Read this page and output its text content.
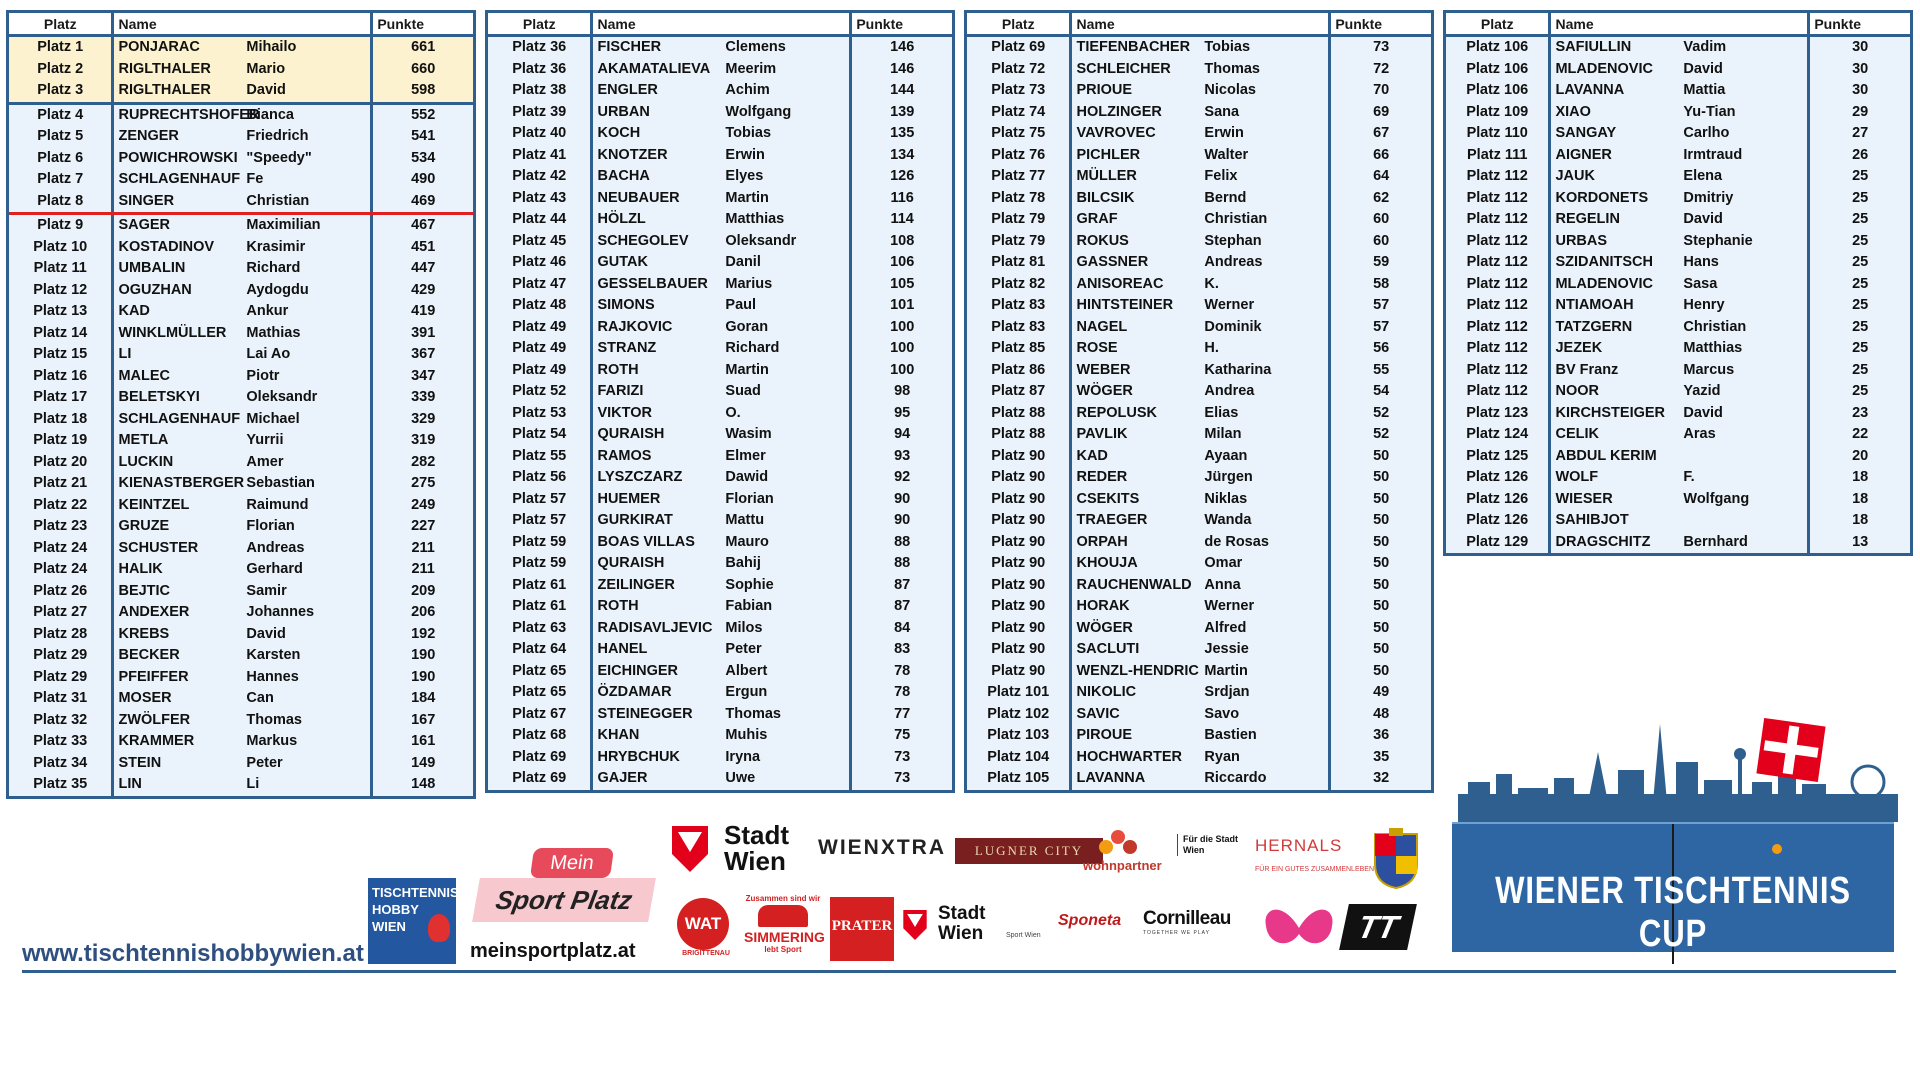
Platz	Name		Punkte
Platz 1	PONJARAC	Mihailo	661
Platz 2	RIGLTHALER	Mario	660
Platz 3	RIGLTHALER	David	598
Platz 4	RUPRECHTSHOFER	Bianca	552
Platz 5	ZENGER	Friedrich	541
Platz 6	POWICHROWSKI	"Speedy"	534
Platz 7	SCHLAGENHAUF	Fe	490
Platz 8	SINGER	Christian	469
Platz 9	SAGER	Maximilian	467
Platz 10	KOSTADINOV	Krasimir	451
Platz 11	UMBALIN	Richard	447
Platz 12	OGUZHAN	Aydogdu	429
Platz 13	KAD	Ankur	419
Platz 14	WINKLMÜLLER	Mathias	391
Platz 15	LI	Lai Ao	367
Platz 16	MALEC	Piotr	347
Platz 17	BELETSKYI	Oleksandr	339
Platz 18	SCHLAGENHAUF	Michael	329
Platz 19	METLA	Yurrii	319
Platz 20	LUCKIN	Amer	282
Platz 21	KIENASTBERGER	Sebastian	275
Platz 22	KEINTZEL	Raimund	249
Platz 23	GRUZE	Florian	227
Platz 24	SCHUSTER	Andreas	211
Platz 24	HALIK	Gerhard	211
Platz 26	BEJTIC	Samir	209
Platz 27	ANDEXER	Johannes	206
Platz 28	KREBS	David	192
Platz 29	BECKER	Karsten	190
Platz 29	PFEIFFER	Hannes	190
Platz 31	MOSER	Can	184
Platz 32	ZWÖLFER	Thomas	167
Platz 33	KRAMMER	Markus	161
Platz 34	STEIN	Peter	149
Platz 35	LIN	Li	148
Platz	Name		Punkte
Platz 36	FISCHER	Clemens	146
Platz 36	AKAMATALIEVA	Meerim	146
Platz 38	ENGLER	Achim	144
Platz 39	URBAN	Wolfgang	139
Platz 40	KOCH	Tobias	135
Platz 41	KNOTZER	Erwin	134
Platz 42	BACHA	Elyes	126
Platz 43	NEUBAUER	Martin	116
Platz 44	HÖLZL	Matthias	114
Platz 45	SCHEGOLEV	Oleksandr	108
Platz 46	GUTAK	Danil	106
Platz 47	GESSELBAUER	Marius	105
Platz 48	SIMONS	Paul	101
Platz 49	RAJKOVIC	Goran	100
Platz 49	STRANZ	Richard	100
Platz 49	ROTH	Martin	100
Platz 52	FARIZI	Suad	98
Platz 53	VIKTOR	O.	95
Platz 54	QURAISH	Wasim	94
Platz 55	RAMOS	Elmer	93
Platz 56	LYSZCZARZ	Dawid	92
Platz 57	HUEMER	Florian	90
Platz 57	GURKIRAT	Mattu	90
Platz 59	BOAS VILLAS	Mauro	88
Platz 59	QURAISH	Bahij	88
Platz 61	ZEILINGER	Sophie	87
Platz 61	ROTH	Fabian	87
Platz 63	RADISAVLJEVIC	Milos	84
Platz 64	HANEL	Peter	83
Platz 65	EICHINGER	Albert	78
Platz 65	ÖZDAMAR	Ergun	78
Platz 67	STEINEGGER	Thomas	77
Platz 68	KHAN	Muhis	75
Platz 69	HRYBCHUK	Iryna	73
Platz 69	GAJER	Uwe	73
Platz	Name		Punkte
Platz 69	TIEFENBACHER	Tobias	73
Platz 72	SCHLEICHER	Thomas	72
Platz 73	PRIOUE	Nicolas	70
Platz 74	HOLZINGER	Sana	69
Platz 75	VAVROVEC	Erwin	67
Platz 76	PICHLER	Walter	66
Platz 77	MÜLLER	Felix	64
Platz 78	BILCSIK	Bernd	62
Platz 79	GRAF	Christian	60
Platz 79	ROKUS	Stephan	60
Platz 81	GASSNER	Andreas	59
Platz 82	ANISOREAC	K.	58
Platz 83	HINTSTEINER	Werner	57
Platz 83	NAGEL	Dominik	57
Platz 85	ROSE	H.	56
Platz 86	WEBER	Katharina	55
Platz 87	WÖGER	Andrea	54
Platz 88	REPOLUSK	Elias	52
Platz 88	PAVLIK	Milan	52
Platz 90	KAD	Ayaan	50
Platz 90	REDER	Jürgen	50
Platz 90	CSEKITS	Niklas	50
Platz 90	TRAEGER	Wanda	50
Platz 90	ORPAH	de Rosas	50
Platz 90	KHOUJA	Omar	50
Platz 90	RAUCHENWALD	Anna	50
Platz 90	HORAK	Werner	50
Platz 90	WÖGER	Alfred	50
Platz 90	SACLUTI	Jessie	50
Platz 90	WENZL-HENDRIC	Martin	50
Platz 101	NIKOLIC	Srdjan	49
Platz 102	SAVIC	Savo	48
Platz 103	PIROUE	Bastien	36
Platz 104	HOCHWARTER	Ryan	35
Platz 105	LAVANNA	Riccardo	32
Platz	Name		Punkte
Platz 106	SAFIULLIN	Vadim	30
Platz 106	MLADENOVIC	David	30
Platz 106	LAVANNA	Mattia	30
Platz 109	XIAO	Yu-Tian	29
Platz 110	SANGAY	Carlho	27
Platz 111	AIGNER	Irmtraud	26
Platz 112	JAUK	Elena	25
Platz 112	KORDONETS	Dmitriy	25
Platz 112	REGELIN	David	25
Platz 112	URBAS	Stephanie	25
Platz 112	SZIDANITSCH	Hans	25
Platz 112	MLADENOVIC	Sasa	25
Platz 112	NTIAMOAH	Henry	25
Platz 112	TATZGERN	Christian	25
Platz 112	JEZEK	Matthias	25
Platz 112	BV Franz	Marcus	25
Platz 112	NOOR	Yazid	25
Platz 123	KIRCHSTEIGER	David	23
Platz 124	CELIK	Aras	22
Platz 125	ABDUL KERIM		20
Platz 126	WOLF	F.	18
Platz 126	WIESER	Wolfgang	18
Platz 126	SAHIBJOT		18
Platz 129	DRAGSCHITZ	Bernhard	13
www.tischtennishobbywien.at
TISCHTENNIS
HOBBY
WIEN
Mein
Sport Platz
meinsportplatz.at
Stadt Wien	WIENXTRA	LUGNER CITY
wohnpartner
Für die Stadt Wien	HERNALS
FÜR EIN GUTES ZUSAMMENLEBEN
WAT
BRIGITTENAU
Zusammen sind wir
SIMMERING
lebt Sport
PRATER
Stadt Wien	Sport Wien
Sponeta Cornilleau
TOGETHER WE PLAY	TT
WIENER TISCHTENNIS CUP
